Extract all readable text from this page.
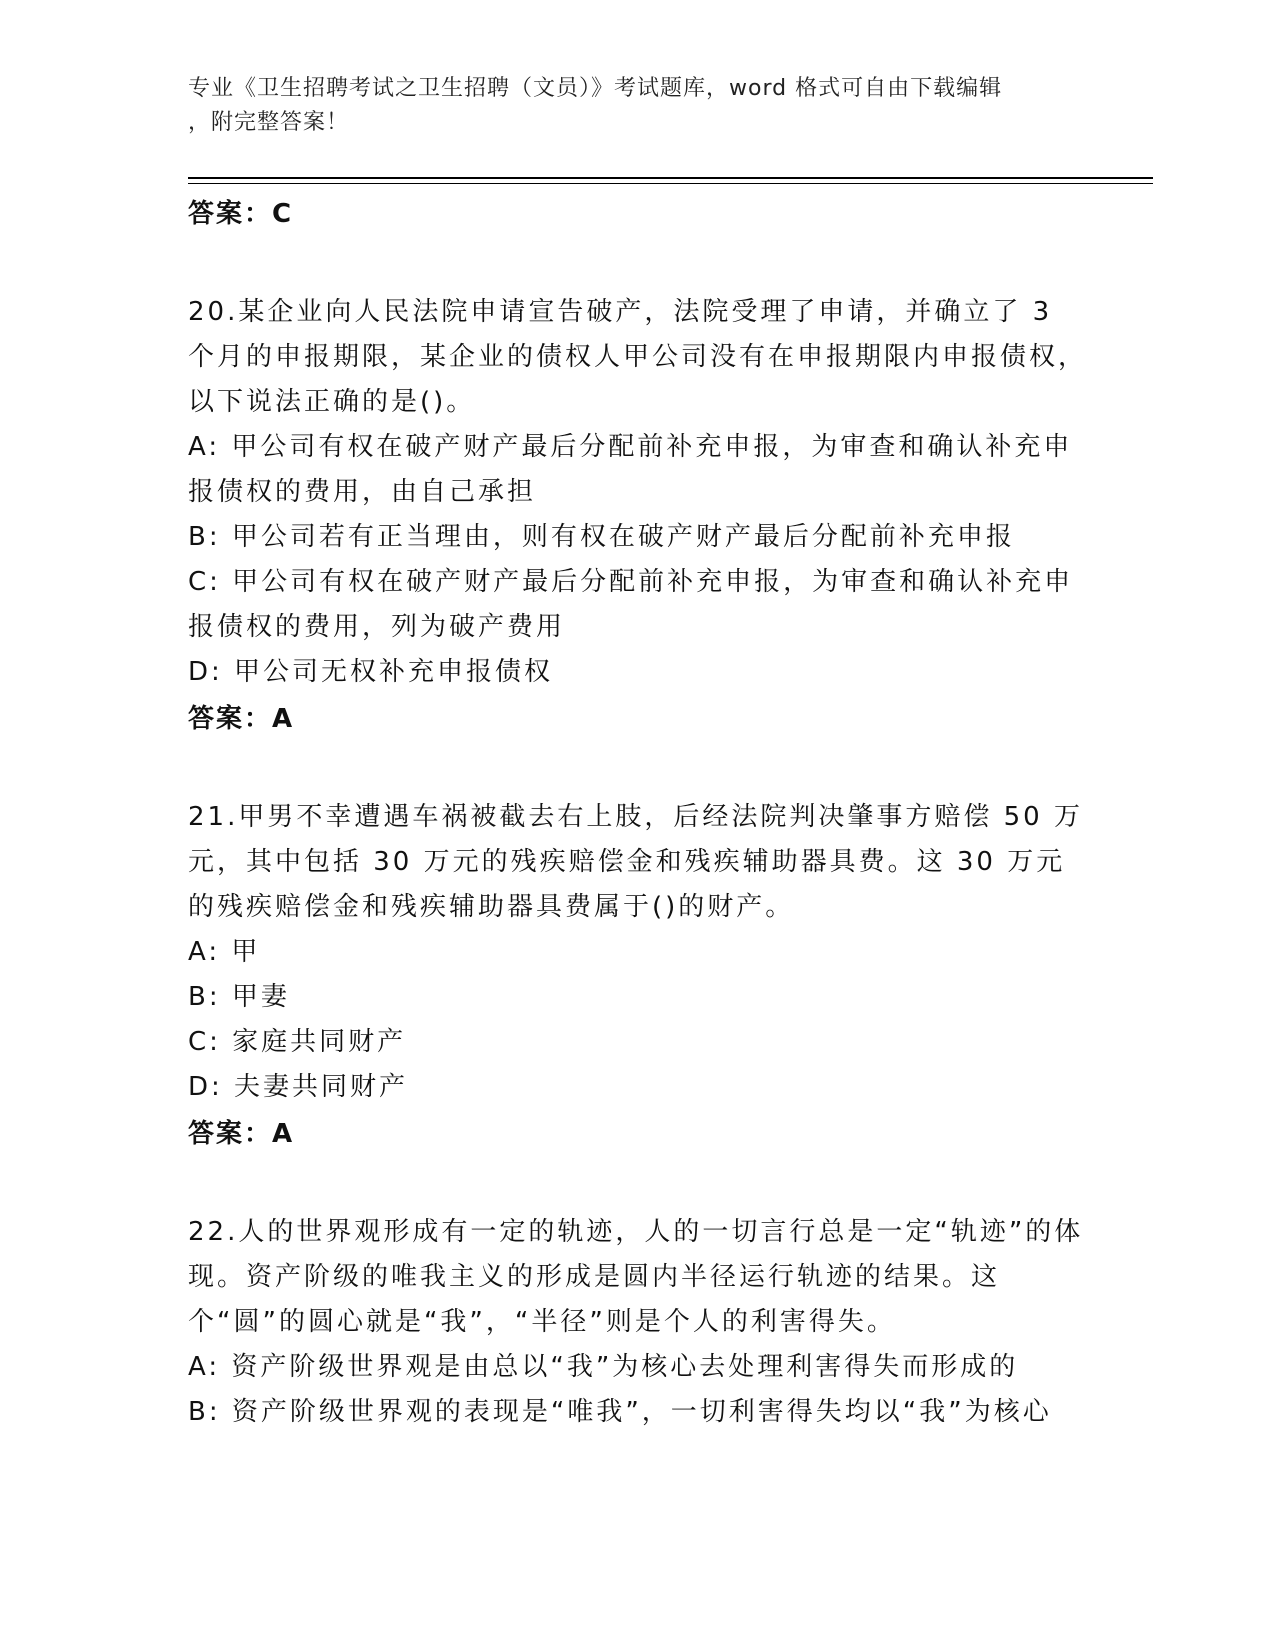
专业《卫生招聘考试之卫生招聘（文员）》考试题库，word 格式可自由下载编辑
，附完整答案！

答案：C

20.某企业向人民法院申请宣告破产，法院受理了申请，并确立了 3 个月的申报期限，某企业的债权人甲公司没有在申报期限内申报债权，以下说法正确的是()。

A: 甲公司有权在破产财产最后分配前补充申报，为审查和确认补充申报债权的费用，由自己承担

B: 甲公司若有正当理由，则有权在破产财产最后分配前补充申报

C: 甲公司有权在破产财产最后分配前补充申报，为审查和确认补充申报债权的费用，列为破产费用

D: 甲公司无权补充申报债权

答案：A

21.甲男不幸遭遇车祸被截去右上肢，后经法院判决肇事方赔偿 50 万元，其中包括 30 万元的残疾赔偿金和残疾辅助器具费。这 30 万元的残疾赔偿金和残疾辅助器具费属于()的财产。

A: 甲

B: 甲妻

C: 家庭共同财产

D: 夫妻共同财产

答案：A

22.人的世界观形成有一定的轨迹，人的一切言行总是一定“轨迹”的体现。资产阶级的唯我主义的形成是圆内半径运行轨迹的结果。这个“圆”的圆心就是“我”，“半径”则是个人的利害得失。

A: 资产阶级世界观是由总以“我”为核心去处理利害得失而形成的

B: 资产阶级世界观的表现是“唯我”，一切利害得失均以“我”为核心
